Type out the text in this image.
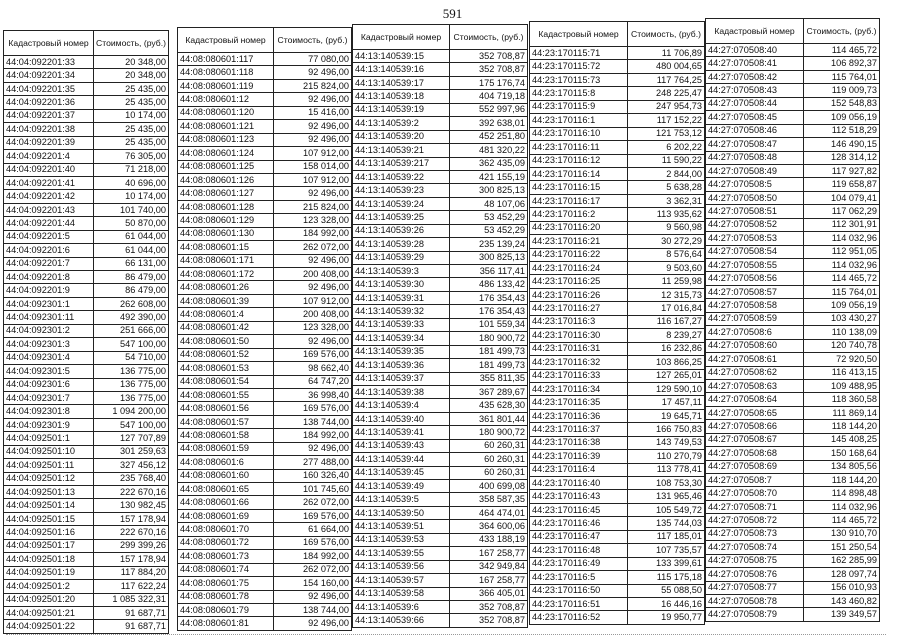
591
Кадастровый номер	Стоимость, (руб.)
44:04:092201:33	20 348,00
44:04:092201:34	20 348,00
44:04:092201:35	25 435,00
44:04:092201:36	25 435,00
44:04:092201:37	10 174,00
44:04:092201:38	25 435,00
44:04:092201:39	25 435,00
44:04:092201:4	76 305,00
44:04:092201:40	71 218,00
44:04:092201:41	40 696,00
44:04:092201:42	10 174,00
44:04:092201:43	101 740,00
44:04:092201:44	50 870,00
44:04:092201:5	61 044,00
44:04:092201:6	61 044,00
44:04:092201:7	66 131,00
44:04:092201:8	86 479,00
44:04:092201:9	86 479,00
44:04:092301:1	262 608,00
44:04:092301:11	492 390,00
44:04:092301:2	251 666,00
44:04:092301:3	547 100,00
44:04:092301:4	54 710,00
44:04:092301:5	136 775,00
44:04:092301:6	136 775,00
44:04:092301:7	136 775,00
44:04:092301:8	1 094 200,00
44:04:092301:9	547 100,00
44:04:092501:1	127 707,89
44:04:092501:10	301 259,63
44:04:092501:11	327 456,12
44:04:092501:12	235 768,40
44:04:092501:13	222 670,16
44:04:092501:14	130 982,45
44:04:092501:15	157 178,94
44:04:092501:16	222 670,16
44:04:092501:17	299 399,26
44:04:092501:18	157 178,94
44:04:092501:19	117 884,20
44:04:092501:2	117 622,24
44:04:092501:20	1 085 322,31
44:04:092501:21	91 687,71
44:04:092501:22	91 687,71
Кадастровый номер	Стоимость, (руб.)
44:08:080601:117	77 080,00
44:08:080601:118	92 496,00
44:08:080601:119	215 824,00
44:08:080601:12	92 496,00
44:08:080601:120	15 416,00
44:08:080601:121	92 496,00
44:08:080601:123	92 496,00
44:08:080601:124	107 912,00
44:08:080601:125	158 014,00
44:08:080601:126	107 912,00
44:08:080601:127	92 496,00
44:08:080601:128	215 824,00
44:08:080601:129	123 328,00
44:08:080601:130	184 992,00
44:08:080601:15	262 072,00
44:08:080601:171	92 496,00
44:08:080601:172	200 408,00
44:08:080601:26	92 496,00
44:08:080601:39	107 912,00
44:08:080601:4	200 408,00
44:08:080601:42	123 328,00
44:08:080601:50	92 496,00
44:08:080601:52	169 576,00
44:08:080601:53	98 662,40
44:08:080601:54	64 747,20
44:08:080601:55	36 998,40
44:08:080601:56	169 576,00
44:08:080601:57	138 744,00
44:08:080601:58	184 992,00
44:08:080601:59	92 496,00
44:08:080601:6	277 488,00
44:08:080601:60	160 326,40
44:08:080601:65	101 745,60
44:08:080601:66	262 072,00
44:08:080601:69	169 576,00
44:08:080601:70	61 664,00
44:08:080601:72	169 576,00
44:08:080601:73	184 992,00
44:08:080601:74	262 072,00
44:08:080601:75	154 160,00
44:08:080601:78	92 496,00
44:08:080601:79	138 744,00
44:08:080601:81	92 496,00
Кадастровый номер	Стоимость, (руб.)
44:13:140539:15	352 708,87
44:13:140539:16	352 708,87
44:13:140539:17	175 176,74
44:13:140539:18	404 719,18
44:13:140539:19	552 997,96
44:13:140539:2	392 638,01
44:13:140539:20	452 251,80
44:13:140539:21	481 320,22
44:13:140539:217	362 435,09
44:13:140539:22	421 155,19
44:13:140539:23	300 825,13
44:13:140539:24	48 107,06
44:13:140539:25	53 452,29
44:13:140539:26	53 452,29
44:13:140539:28	235 139,24
44:13:140539:29	300 825,13
44:13:140539:3	356 117,41
44:13:140539:30	486 133,42
44:13:140539:31	176 354,43
44:13:140539:32	176 354,43
44:13:140539:33	101 559,34
44:13:140539:34	180 900,72
44:13:140539:35	181 499,73
44:13:140539:36	181 499,73
44:13:140539:37	355 811,35
44:13:140539:38	367 289,67
44:13:140539:4	435 628,30
44:13:140539:40	361 801,44
44:13:140539:41	180 900,72
44:13:140539:43	60 260,31
44:13:140539:44	60 260,31
44:13:140539:45	60 260,31
44:13:140539:49	400 699,08
44:13:140539:5	358 587,35
44:13:140539:50	464 474,01
44:13:140539:51	364 600,06
44:13:140539:53	433 188,19
44:13:140539:55	167 258,77
44:13:140539:56	342 949,84
44:13:140539:57	167 258,77
44:13:140539:58	366 405,01
44:13:140539:6	352 708,87
44:13:140539:66	352 708,87
Кадастровый номер	Стоимость, (руб.)
44:23:170115:71	11 706,89
44:23:170115:72	480 004,65
44:23:170115:73	117 764,25
44:23:170115:8	248 225,47
44:23:170115:9	247 954,73
44:23:170116:1	117 152,22
44:23:170116:10	121 753,12
44:23:170116:11	6 202,22
44:23:170116:12	11 590,22
44:23:170116:14	2 844,00
44:23:170116:15	5 638,28
44:23:170116:17	3 362,31
44:23:170116:2	113 935,62
44:23:170116:20	9 560,98
44:23:170116:21	30 272,29
44:23:170116:22	8 576,64
44:23:170116:24	9 503,60
44:23:170116:25	11 259,98
44:23:170116:26	12 315,73
44:23:170116:27	17 016,84
44:23:170116:3	116 167,27
44:23:170116:30	8 239,27
44:23:170116:31	16 232,86
44:23:170116:32	103 866,25
44:23:170116:33	127 265,01
44:23:170116:34	129 590,10
44:23:170116:35	17 457,11
44:23:170116:36	19 645,71
44:23:170116:37	166 750,83
44:23:170116:38	143 749,53
44:23:170116:39	110 270,79
44:23:170116:4	113 778,41
44:23:170116:40	108 753,30
44:23:170116:43	131 965,46
44:23:170116:45	105 549,72
44:23:170116:46	135 744,03
44:23:170116:47	117 185,01
44:23:170116:48	107 735,57
44:23:170116:49	133 399,61
44:23:170116:5	115 175,18
44:23:170116:50	55 088,50
44:23:170116:51	16 446,16
44:23:170116:52	19 950,77
Кадастровый номер	Стоимость, (руб.)
44:27:070508:40	114 465,72
44:27:070508:41	106 892,37
44:27:070508:42	115 764,01
44:27:070508:43	119 009,73
44:27:070508:44	152 548,83
44:27:070508:45	109 056,19
44:27:070508:46	112 518,29
44:27:070508:47	146 490,15
44:27:070508:48	128 314,12
44:27:070508:49	117 927,82
44:27:070508:5	119 658,87
44:27:070508:50	104 079,41
44:27:070508:51	117 062,29
44:27:070508:52	112 301,91
44:27:070508:53	114 032,96
44:27:070508:54	112 951,05
44:27:070508:55	114 032,96
44:27:070508:56	114 465,72
44:27:070508:57	115 764,01
44:27:070508:58	109 056,19
44:27:070508:59	103 430,27
44:27:070508:6	110 138,09
44:27:070508:60	120 740,78
44:27:070508:61	72 920,50
44:27:070508:62	116 413,15
44:27:070508:63	109 488,95
44:27:070508:64	118 360,58
44:27:070508:65	111 869,14
44:27:070508:66	118 144,20
44:27:070508:67	145 408,25
44:27:070508:68	150 168,64
44:27:070508:69	134 805,56
44:27:070508:7	118 144,20
44:27:070508:70	114 898,48
44:27:070508:71	114 032,96
44:27:070508:72	114 465,72
44:27:070508:73	130 910,70
44:27:070508:74	151 250,54
44:27:070508:75	162 285,99
44:27:070508:76	128 097,74
44:27:070508:77	156 010,93
44:27:070508:78	143 460,82
44:27:070508:79	139 349,57
